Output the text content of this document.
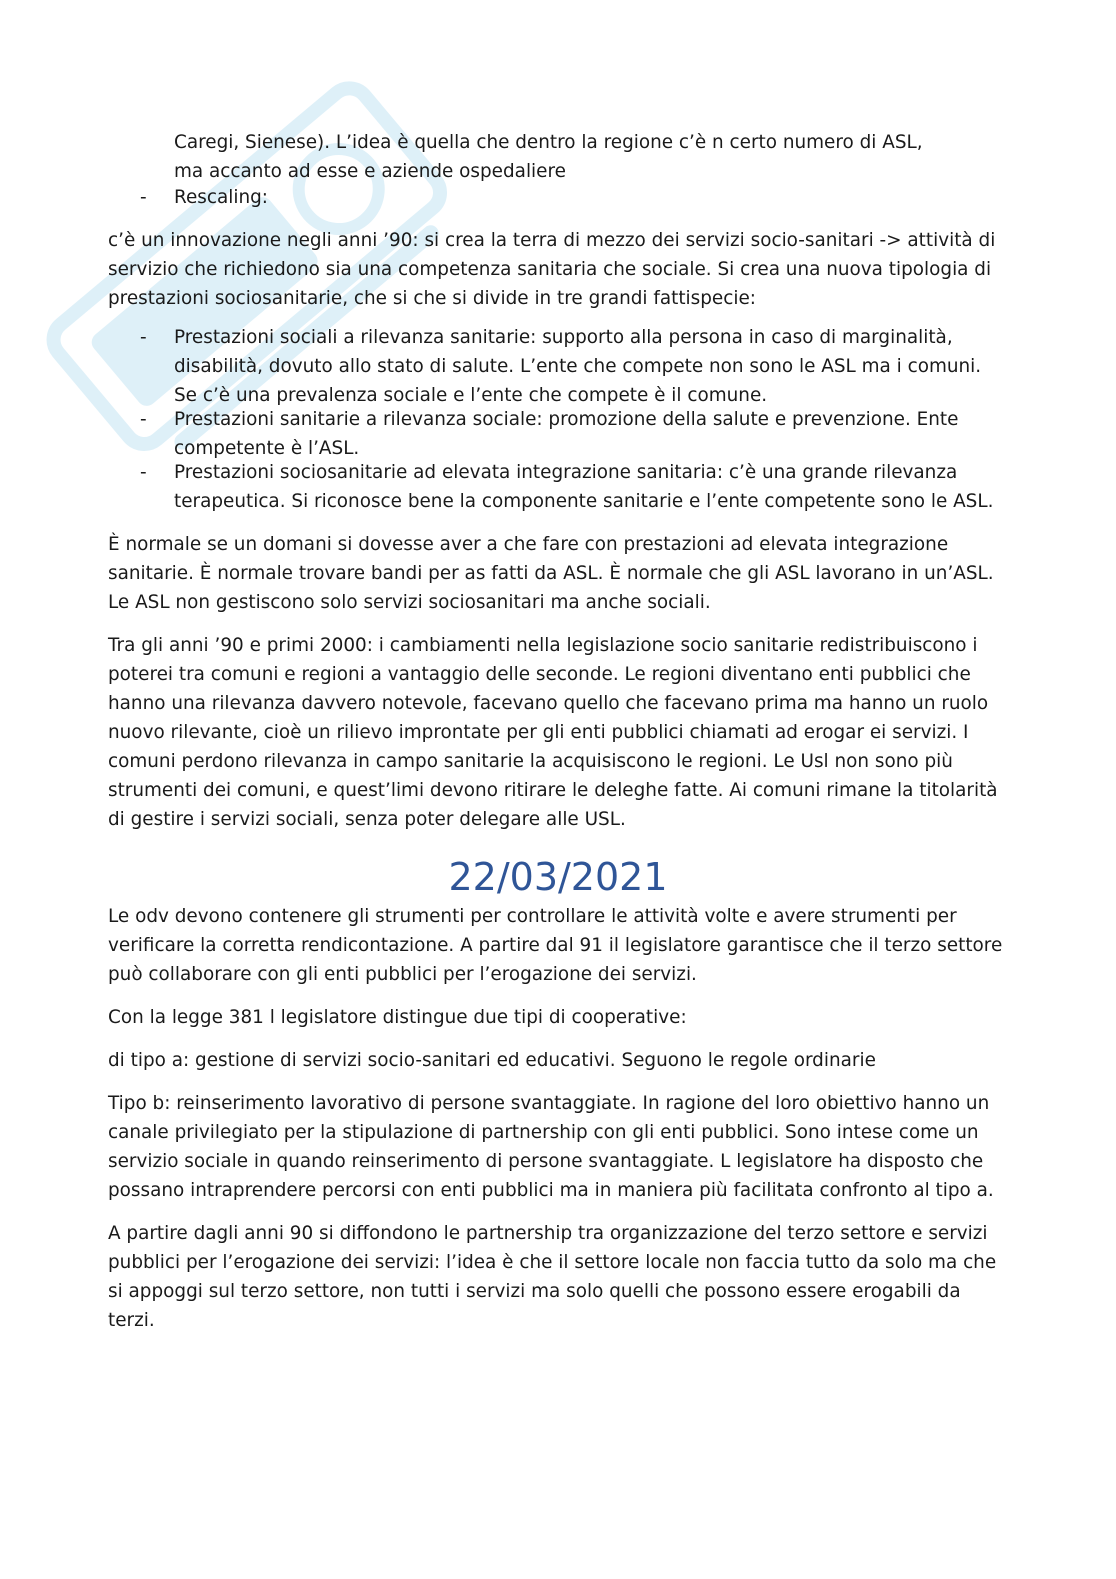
Caregi, Sienese). L’idea è quella che dentro la regione c’è n certo numero di ASL,
ma accanto ad esse e aziende ospedaliere
- Rescaling:

c’è un innovazione negli anni ’90: si crea la terra di mezzo dei servizi socio-sanitari -> attività di servizio che richiedono sia una competenza sanitaria che sociale. Si crea una nuova tipologia di prestazioni sociosanitarie, che si che si divide in tre grandi fattispecie:

- Prestazioni sociali a rilevanza sanitarie: supporto alla persona in caso di marginalità, disabilità, dovuto allo stato di salute. L’ente che compete non sono le ASL ma i comuni. Se c’è una prevalenza sociale e l’ente che compete è il comune.
- Prestazioni sanitarie a rilevanza sociale: promozione della salute e prevenzione. Ente competente è l’ASL.
- Prestazioni sociosanitarie ad elevata integrazione sanitaria: c’è una grande rilevanza terapeutica. Si riconosce bene la componente sanitarie e l’ente competente sono le ASL.

È normale se un domani si dovesse aver a che fare con prestazioni ad elevata integrazione sanitarie. È normale trovare bandi per as fatti da ASL. È normale che gli ASL lavorano in un’ASL. Le ASL non gestiscono solo servizi sociosanitari ma anche sociali.

Tra gli anni ’90 e primi 2000: i cambiamenti nella legislazione socio sanitarie redistribuiscono i poterei tra comuni e regioni a vantaggio delle seconde. Le regioni diventano enti pubblici che hanno una rilevanza davvero notevole, facevano quello che facevano prima ma hanno un ruolo nuovo rilevante, cioè un rilievo improntate per gli enti pubblici chiamati ad erogar ei servizi. I comuni perdono rilevanza in campo sanitarie la acquisiscono le regioni. Le Usl non sono più strumenti dei comuni, e quest’limi devono ritirare le deleghe fatte. Ai comuni rimane la titolarità di gestire i servizi sociali, senza poter delegare alle USL.

22/03/2021

Le odv devono contenere gli strumenti per controllare le attività volte e avere strumenti per verificare la corretta rendicontazione. A partire dal 91 il legislatore garantisce che il terzo settore può collaborare con gli enti pubblici per l’erogazione dei servizi.

Con la legge 381 l legislatore distingue due tipi di cooperative:

di tipo a: gestione di servizi socio-sanitari ed educativi. Seguono le regole ordinarie

Tipo b: reinserimento lavorativo di persone svantaggiate. In ragione del loro obiettivo hanno un canale privilegiato per la stipulazione di partnership con gli enti pubblici. Sono intese come un servizio sociale in quando reinserimento di persone svantaggiate. L legislatore ha disposto che possano intraprendere percorsi con enti pubblici ma in maniera più facilitata confronto al tipo a.

A partire dagli anni 90 si diffondono le partnership tra organizzazione del terzo settore e servizi pubblici per l’erogazione dei servizi: l’idea è che il settore locale non faccia tutto da solo ma che si appoggi sul terzo settore, non tutti i servizi ma solo quelli che possono essere erogabili da terzi.
